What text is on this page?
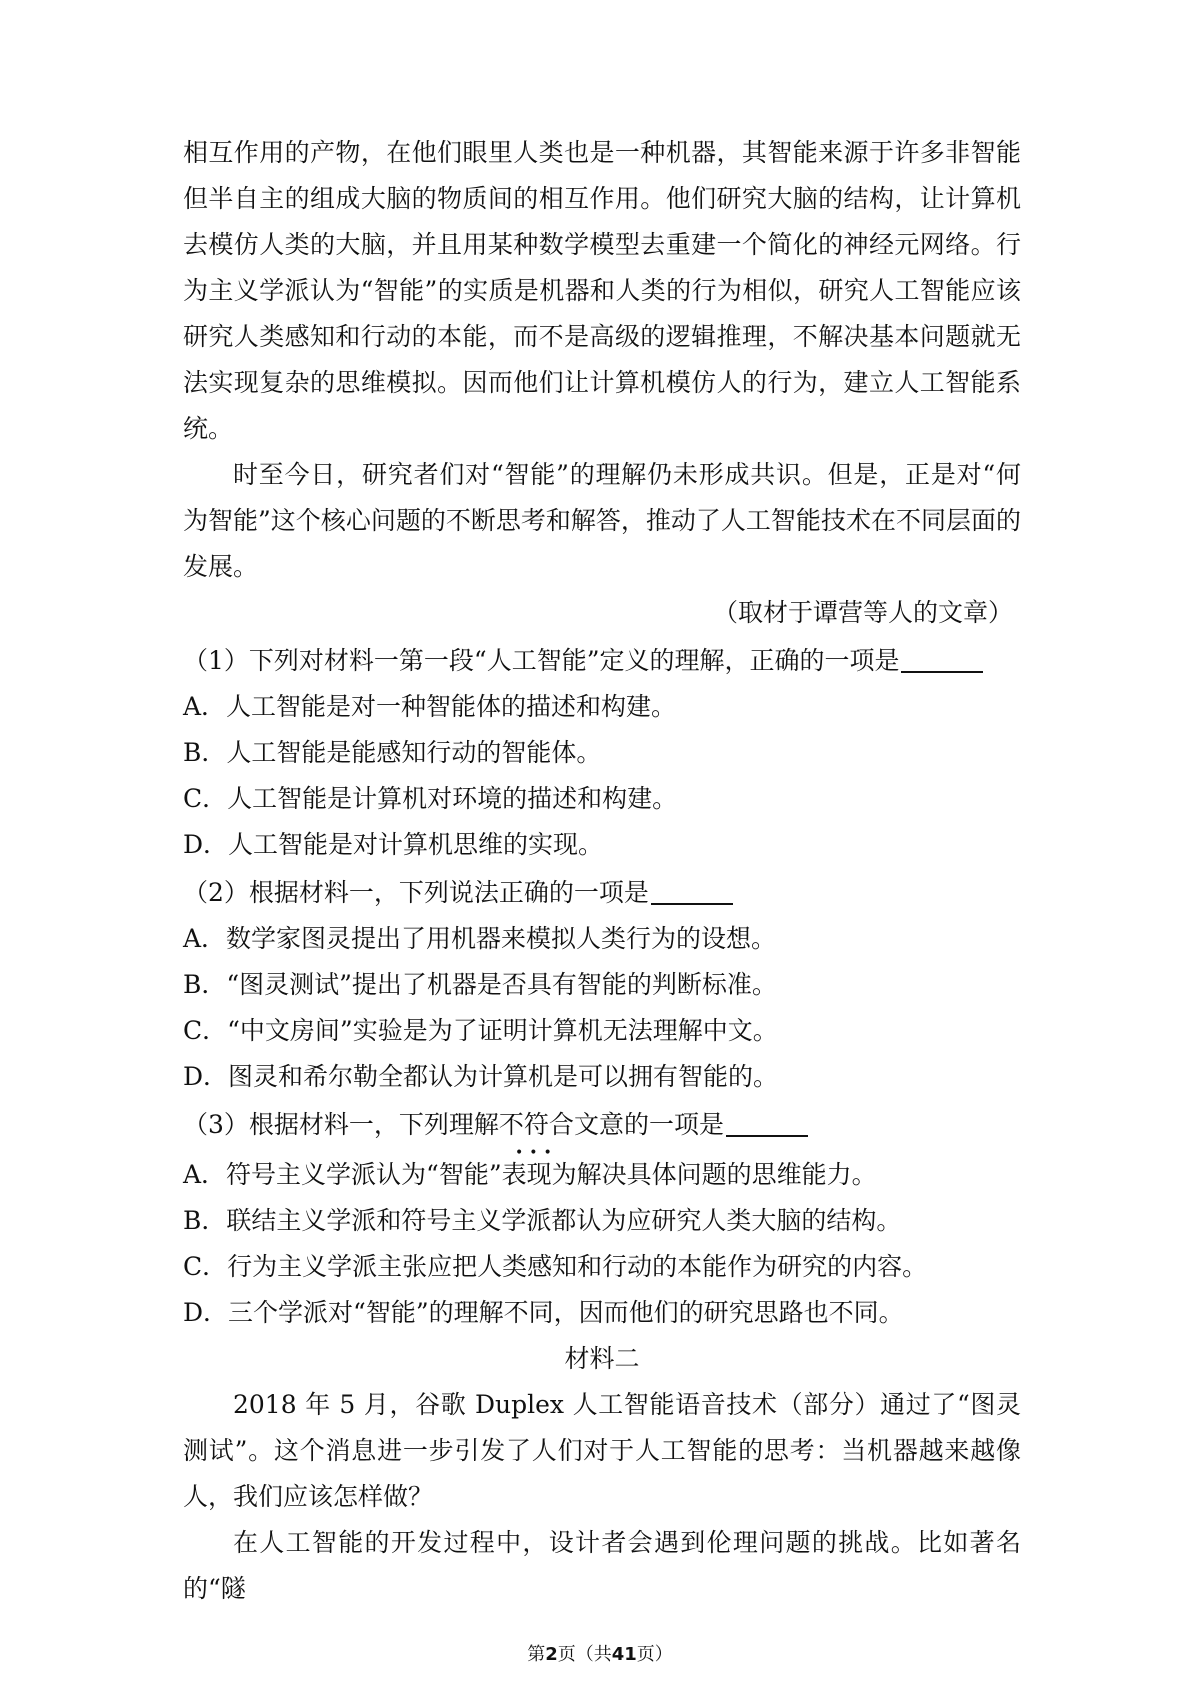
相互作用的产物，在他们眼里人类也是一种机器，其智能来源于许多非智能但半自主的组成大脑的物质间的相互作用。他们研究大脑的结构，让计算机去模仿人类的大脑，并且用某种数学模型去重建一个简化的神经元网络。行为主义学派认为“智能”的实质是机器和人类的行为相似，研究人工智能应该研究人类感知和行动的本能，而不是高级的逻辑推理，不解决基本问题就无法实现复杂的思维模拟。因而他们让计算机模仿人的行为，建立人工智能系统。

时至今日，研究者们对“智能”的理解仍未形成共识。但是，正是对“何为智能”这个核心问题的不断思考和解答，推动了人工智能技术在不同层面的发展。

（取材于谭营等人的文章）

（1）下列对材料一第一段“人工智能”定义的理解，正确的一项是

A．人工智能是对一种智能体的描述和构建。

B．人工智能是能感知行动的智能体。

C．人工智能是计算机对环境的描述和构建。

D．人工智能是对计算机思维的实现。

（2）根据材料一，下列说法正确的一项是

A．数学家图灵提出了用机器来模拟人类行为的设想。

B．“图灵测试”提出了机器是否具有智能的判断标准。

C．“中文房间”实验是为了证明计算机无法理解中文。

D．图灵和希尔勒全都认为计算机是可以拥有智能的。

（3）根据材料一，下列理解不符合
•••
文意的一项是

A．符号主义学派认为“智能”表现为解决具体问题的思维能力。

B．联结主义学派和符号主义学派都认为应研究人类大脑的结构。

C．行为主义学派主张应把人类感知和行动的本能作为研究的内容。

D．三个学派对“智能”的理解不同，因而他们的研究思路也不同。

材料二

2018 年 5 月，谷歌 Duplex 人工智能语音技术（部分）通过了“图灵测试”。这个消息进一步引发了人们对于人工智能的思考：当机器越来越像人，我们应该怎样做？

在人工智能的开发过程中，设计者会遇到伦理问题的挑战。比如著名的“隧

第2页（共41页）
